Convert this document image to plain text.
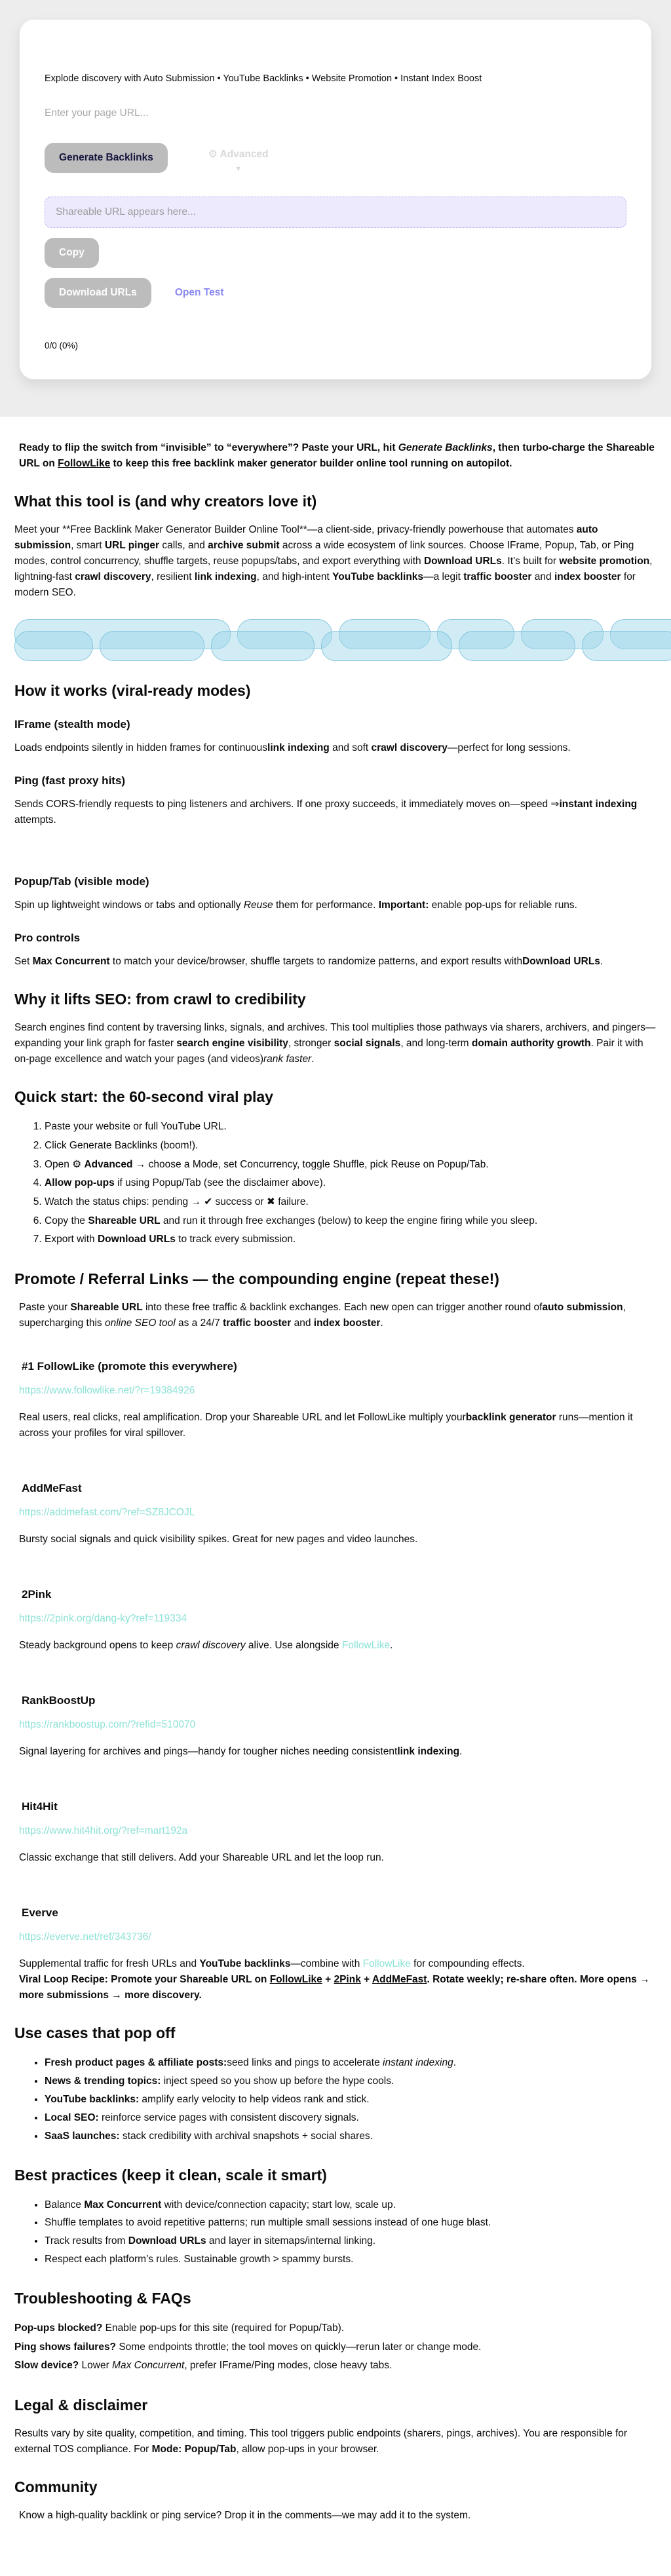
Explode discovery with Auto Submission • YouTube Backlinks • Website Promotion • Instant Index Boost

Enter your page URL...
Generate Backlinks	⚙ Advanced
▼
Shareable URL appears here...
Copy
Download URLs	Open Test
0/0 (0%)

Ready to flip the switch from “invisible” to “everywhere”? Paste your URL, hit Generate Backlinks, then turbo-charge the Shareable URL on FollowLike to keep this free backlink maker generator builder online tool running on autopilot.

What this tool is (and why creators love it)

Meet your **Free Backlink Maker Generator Builder Online Tool**—a client-side, privacy-friendly powerhouse that automates auto submission, smart URL pinger calls, and archive submit across a wide ecosystem of link sources. Choose IFrame, Popup, Tab, or Ping modes, control concurrency, shuffle targets, reuse popups/tabs, and export everything with Download URLs. It’s built for website promotion, lightning-fast crawl discovery, resilient link indexing, and high-intent YouTube backlinks—a legit traffic booster and index booster for modern SEO.

How it works (viral-ready modes)
IFrame (stealth mode)

Loads endpoints silently in hidden frames for continuouslink indexing and soft crawl discovery—perfect for long sessions.

Ping (fast proxy hits)

Sends CORS-friendly requests to ping listeners and archivers. If one proxy succeeds, it immediately moves on—speed ⇒instant indexing attempts.

Popup/Tab (visible mode)

Spin up lightweight windows or tabs and optionally Reuse them for performance. Important: enable pop-ups for reliable runs.

Pro controls

Set Max Concurrent to match your device/browser, shuffle targets to randomize patterns, and export results withDownload URLs.

Why it lifts SEO: from crawl to credibility

Search engines find content by traversing links, signals, and archives. This tool multiplies those pathways via sharers, archivers, and pingers—expanding your link graph for faster search engine visibility, stronger social signals, and long-term domain authority growth. Pair it with on-page excellence and watch your pages (and videos)rank faster.

Quick start: the 60-second viral play
1. Paste your website or full YouTube URL.
2. Click Generate Backlinks (boom!).
3. Open ⚙ Advanced → choose a Mode, set Concurrency, toggle Shuffle, pick Reuse on Popup/Tab.
4. Allow pop-ups if using Popup/Tab (see the disclaimer above).
5. Watch the status chips: pending → ✔ success or ✖ failure.
6. Copy the Shareable URL and run it through free exchanges (below) to keep the engine firing while you sleep.
7. Export with Download URLs to track every submission.
Promote / Referral Links — the compounding engine (repeat these!)

Paste your Shareable URL into these free traffic & backlink exchanges. Each new open can trigger another round ofauto submission, supercharging this online SEO tool as a 24/7 traffic booster and index booster.

#1 FollowLike (promote this everywhere)
https://www.followlike.net/?r=19384926

Real users, real clicks, real amplification. Drop your Shareable URL and let FollowLike multiply yourbacklink generator runs—mention it across your profiles for viral spillover.

AddMeFast
https://addmefast.com/?ref=SZ8JCOJL

Bursty social signals and quick visibility spikes. Great for new pages and video launches.

2Pink
https://2pink.org/dang-ky?ref=119334

Steady background opens to keep crawl discovery alive. Use alongside FollowLike.

RankBoostUp
https://rankboostup.com/?refid=510070

Signal layering for archives and pings—handy for tougher niches needing consistentlink indexing.

Hit4Hit
https://www.hit4hit.org/?ref=mart192a

Classic exchange that still delivers. Add your Shareable URL and let the loop run.

Everve
https://everve.net/ref/343736/

Supplemental traffic for fresh URLs and YouTube backlinks—combine with FollowLike for compounding effects.

Viral Loop Recipe: Promote your Shareable URL on FollowLike + 2Pink + AddMeFast. Rotate weekly; re-share often. More opens → more submissions → more discovery.

Use cases that pop off
• Fresh product pages & affiliate posts:seed links and pings to accelerate instant indexing.
• News & trending topics: inject speed so you show up before the hype cools.
• YouTube backlinks: amplify early velocity to help videos rank and stick.
• Local SEO: reinforce service pages with consistent discovery signals.
• SaaS launches: stack credibility with archival snapshots + social shares.
Best practices (keep it clean, scale it smart)
• Balance Max Concurrent with device/connection capacity; start low, scale up.
• Shuffle templates to avoid repetitive patterns; run multiple small sessions instead of one huge blast.
• Track results from Download URLs and layer in sitemaps/internal linking.
• Respect each platform’s rules. Sustainable growth > spammy bursts.
Troubleshooting & FAQs

Pop-ups blocked? Enable pop-ups for this site (required for Popup/Tab).

Ping shows failures? Some endpoints throttle; the tool moves on quickly—rerun later or change mode.

Slow device? Lower Max Concurrent, prefer IFrame/Ping modes, close heavy tabs.

Legal & disclaimer

Results vary by site quality, competition, and timing. This tool triggers public endpoints (sharers, pings, archives). You are responsible for external TOS compliance. For Mode: Popup/Tab, allow pop-ups in your browser.

Community

Know a high-quality backlink or ping service? Drop it in the comments—we may add it to the system.
